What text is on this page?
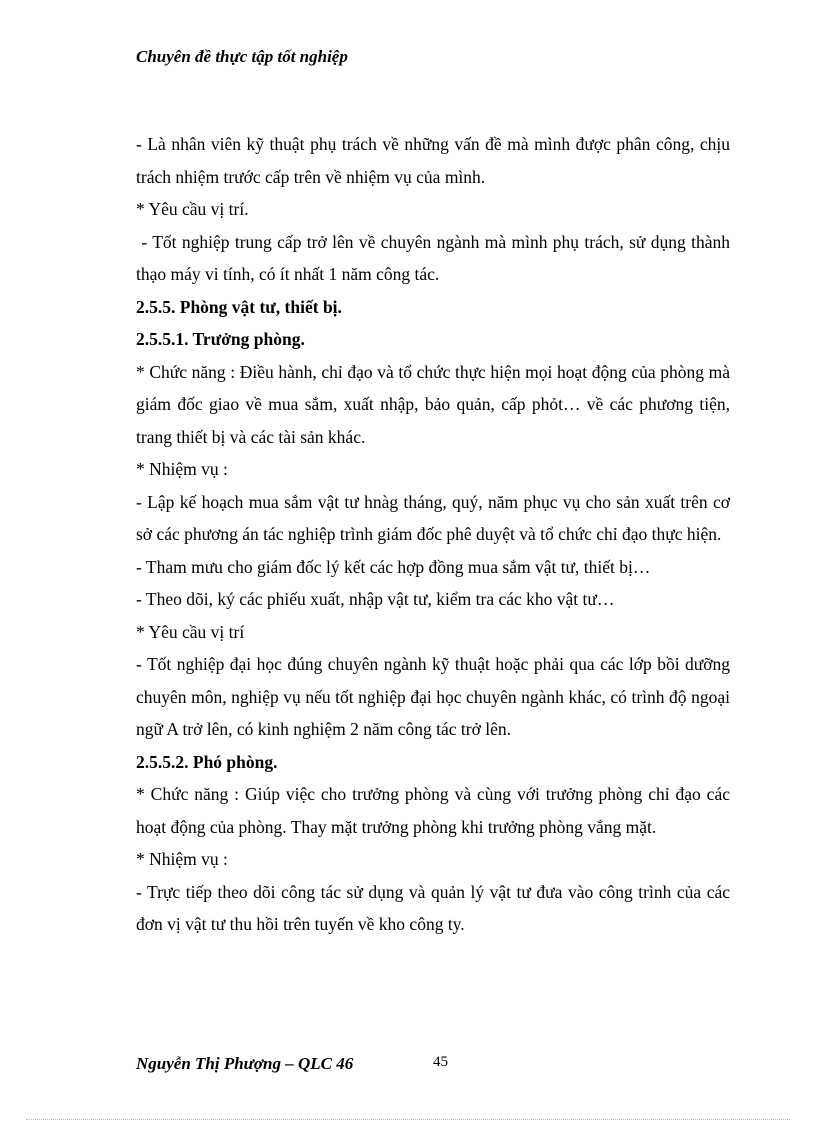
Chuyên đề thực tập tốt nghiệp

- Là nhân viên kỹ thuật phụ trách về những vấn đề mà mình được phân công, chịu trách nhiệm trước cấp trên về nhiệm vụ của mình.

* Yêu cầu vị trí.

- Tốt nghiệp trung cấp trở lên về chuyên ngành mà mình phụ trách, sử dụng thành thạo máy vi tính, có ít nhất 1 năm công tác.

2.5.5. Phòng vật tư, thiết bị.

2.5.5.1. Trưởng phòng.

* Chức năng : Điều hành, chỉ đạo và tổ chức thực hiện mọi hoạt động của phòng mà giám đốc giao về mua sắm, xuất nhập, bảo quản, cấp phỏt… về các phương tiện, trang thiết bị và các tài sản khác.

* Nhiệm vụ :

- Lập kế hoạch mua sắm vật tư hnàg tháng, quý, năm phục vụ cho sản xuất trên cơ sở các phương án tác nghiệp trình giám đốc phê duyệt và tổ chức chỉ đạo thực hiện.

- Tham mưu cho giám đốc lý kết các hợp đồng mua sắm vật tư, thiết bị…

- Theo dõi, ký các phiếu xuất, nhập vật tư, kiểm tra các kho vật tư…

* Yêu cầu vị trí

- Tốt nghiệp đại học đúng chuyên ngành kỹ thuật hoặc phải qua các lớp bồi dưỡng chuyên môn, nghiệp vụ nếu tốt nghiệp đại học chuyên ngành khác, có trình độ ngoại ngữ A trở lên, có kinh nghiệm 2 năm công tác trở lên.

2.5.5.2. Phó phòng.

* Chức năng : Giúp việc cho trưởng phòng và cùng với trưởng phòng chỉ đạo các hoạt động của phòng. Thay mặt trưởng phòng khi trưởng phòng vắng mặt.

* Nhiệm vụ :

- Trực tiếp theo dõi công tác sử dụng và quản lý vật tư đưa vào công trình của các đơn vị vật tư thu hồi trên tuyến về kho công ty.

Nguyễn Thị Phượng – QLC 46	45
